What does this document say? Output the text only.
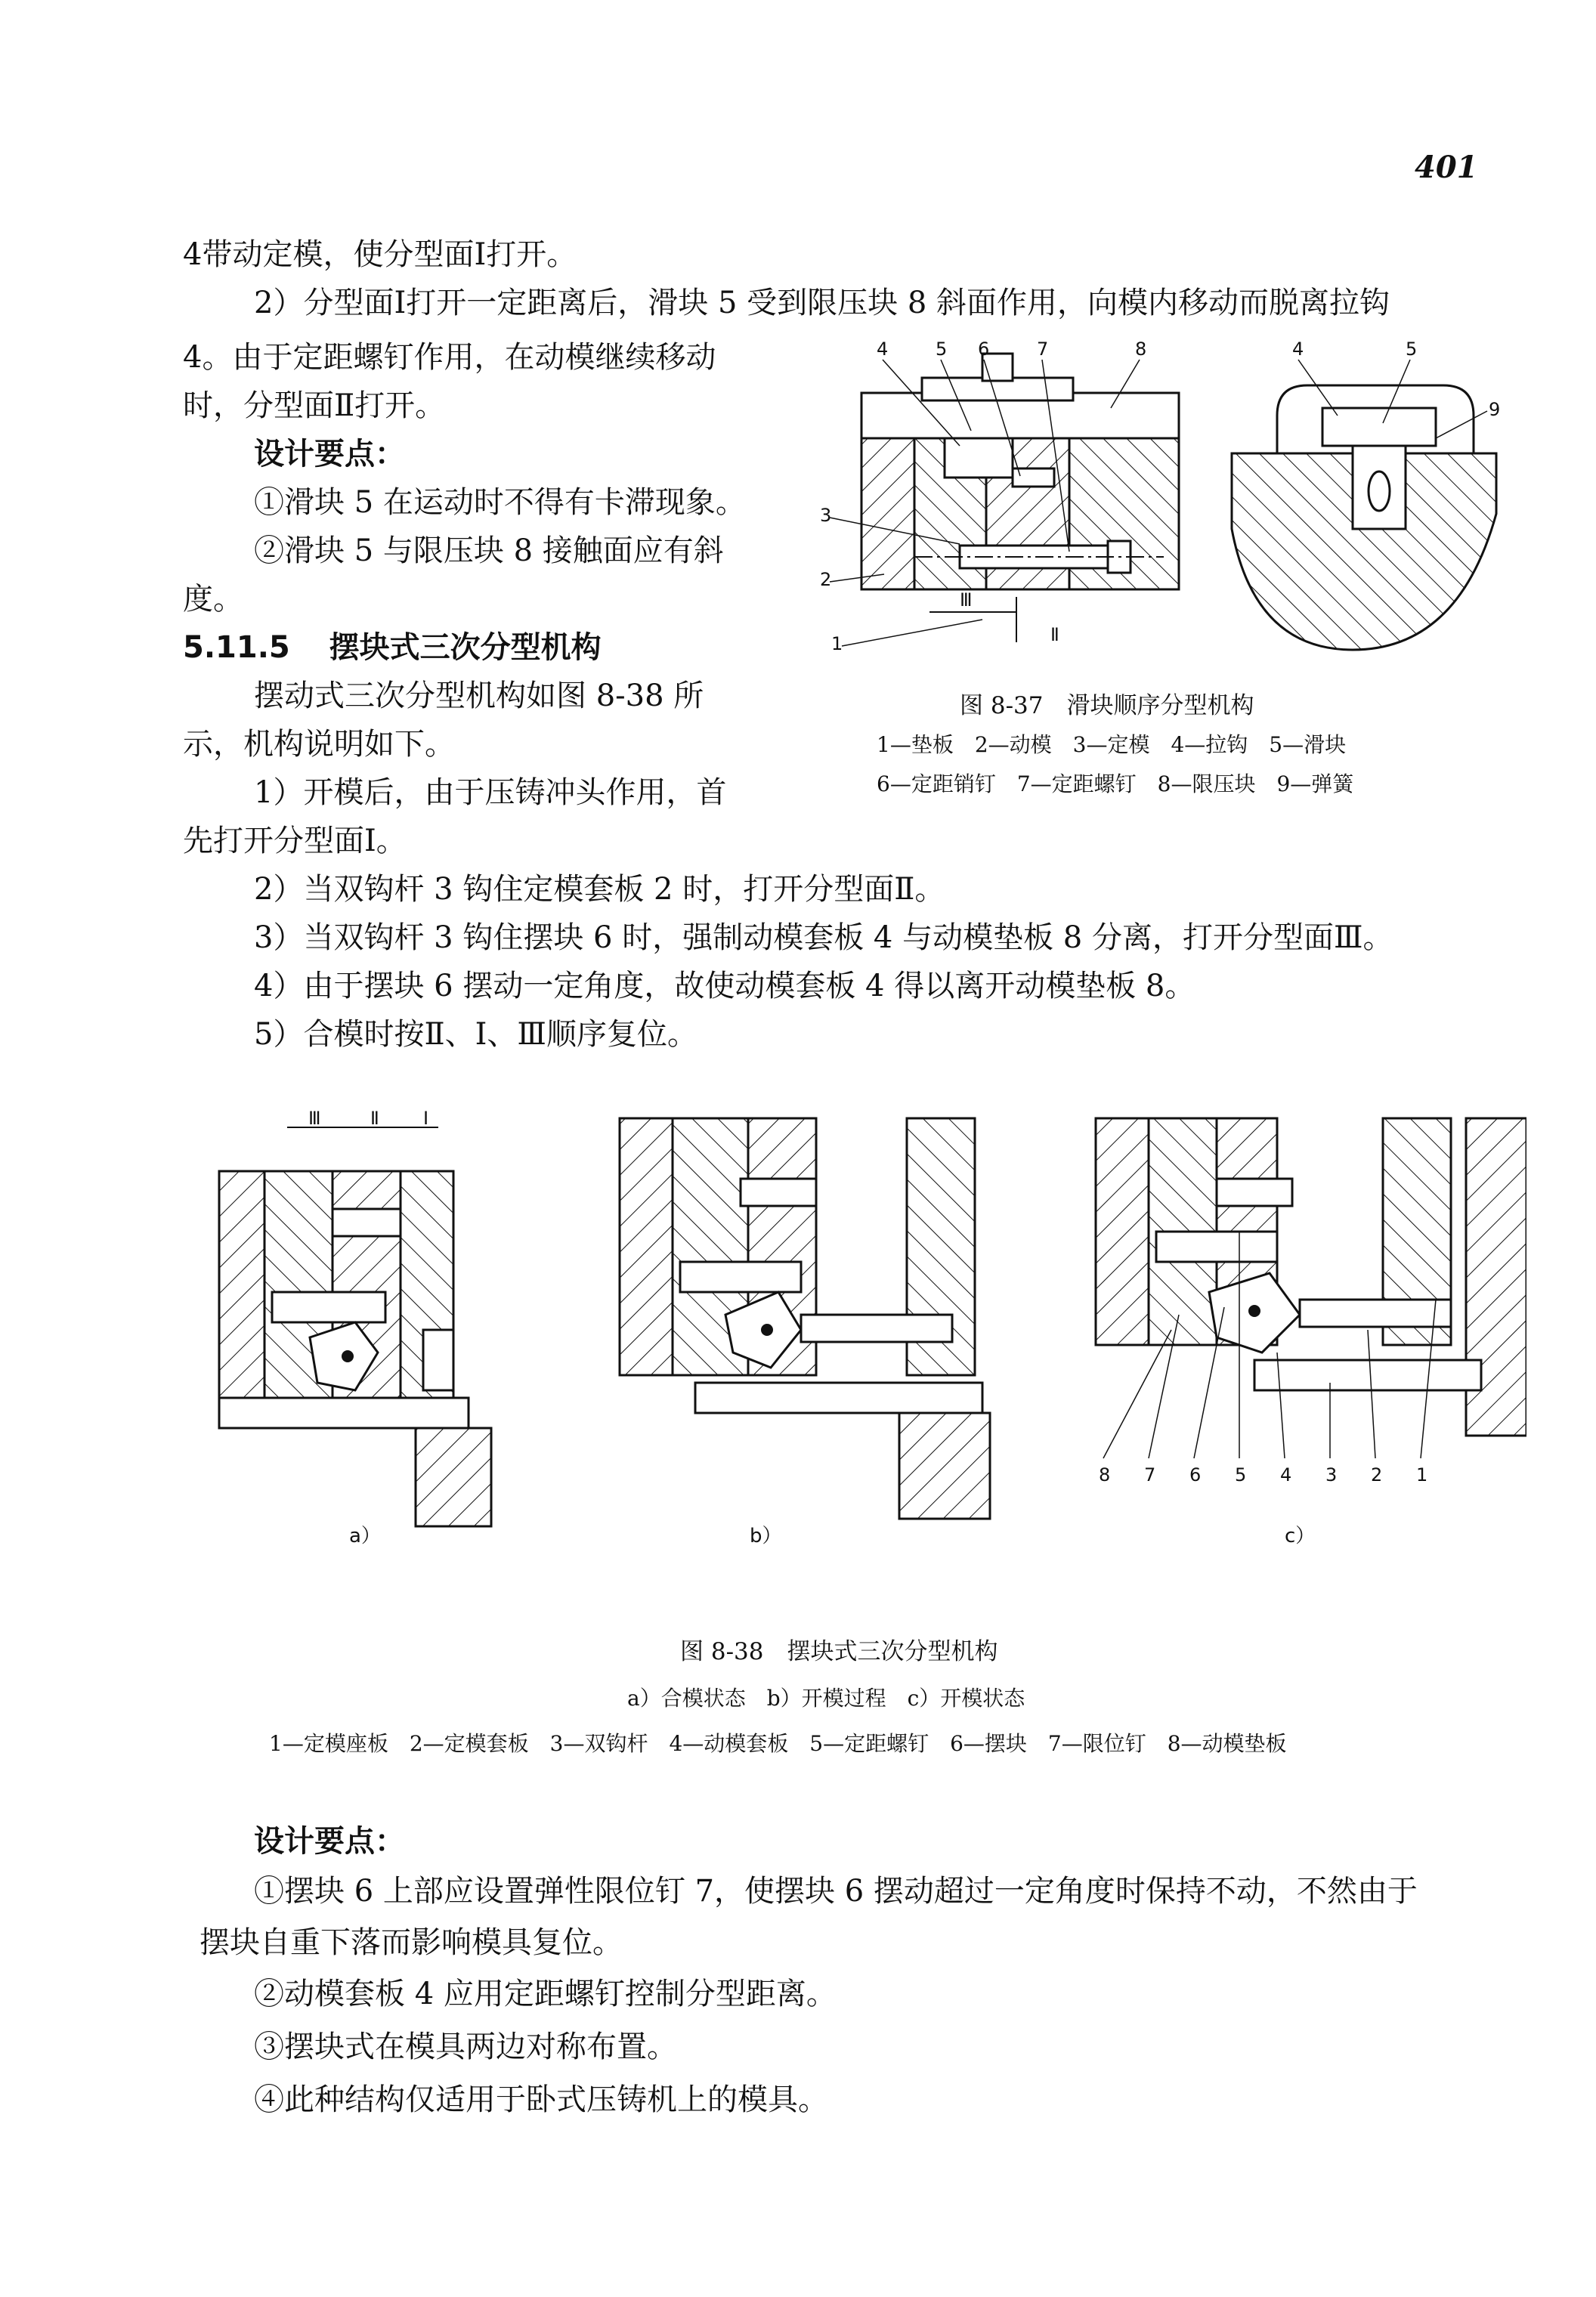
401
4带动定模，使分型面Ⅰ打开。
2）分型面Ⅰ打开一定距离后，滑块 5 受到限压块 8 斜面作用，向模内移动而脱离拉钩
4。由于定距螺钉作用，在动模继续移动
时，分型面Ⅱ打开。
设计要点：
①滑块 5 在运动时不得有卡滞现象。
②滑块 5 与限压块 8 接触面应有斜
度。
5.11.5 摆块式三次分型机构
摆动式三次分型机构如图 8-38 所
示，机构说明如下。
1）开模后，由于压铸冲头作用，首
先打开分型面Ⅰ。
2）当双钩杆 3 钩住定模套板 2 时，打开分型面Ⅱ。
3）当双钩杆 3 钩住摆块 6 时，强制动模套板 4 与动模垫板 8 分离，打开分型面Ⅲ。
4）由于摆块 6 摆动一定角度，故使动模套板 4 得以离开动模垫板 8。
5）合模时按Ⅱ、Ⅰ、Ⅲ顺序复位。
4	5 6	7	8
3
2
1
Ⅲ
Ⅱ
4	5
9
图 8-37　滑块顺序分型机构
1—垫板　2—动模　3—定模　4—拉钩　5—滑块
6—定距销钉　7—定距螺钉　8—限压块　9—弹簧
Ⅲ	Ⅱ Ⅰ
8 7 6 5 4 3 2 1
a）	b）	c）
图 8-38　摆块式三次分型机构
a）合模状态　b）开模过程　c）开模状态
1—定模座板　2—定模套板　3—双钩杆　4—动模套板　5—定距螺钉　6—摆块　7—限位钉　8—动模垫板
设计要点：
①摆块 6 上部应设置弹性限位钉 7，使摆块 6 摆动超过一定角度时保持不动，不然由于
摆块自重下落而影响模具复位。
②动模套板 4 应用定距螺钉控制分型距离。
③摆块式在模具两边对称布置。
④此种结构仅适用于卧式压铸机上的模具。
